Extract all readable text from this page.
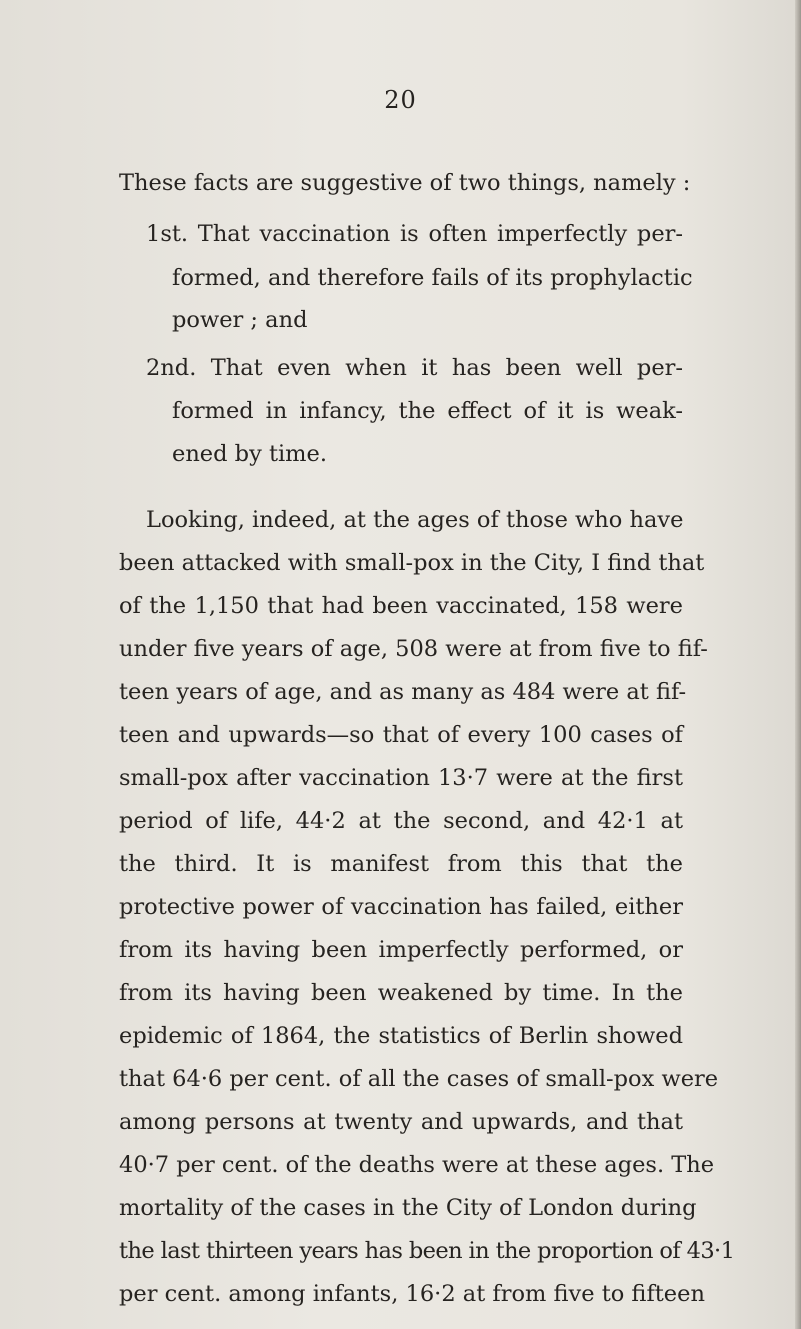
20
These facts are suggestive of two things, namely :
1st. That vaccination is often imperfectly per-
formed, and therefore fails of its prophylactic
power ; and
2nd. That even when it has been well per-
formed in infancy, the effect of it is weak-
ened by time.
Looking, indeed, at the ages of those who have
been attacked with small-pox in the City, I find that
of the 1,150 that had been vaccinated, 158 were
under five years of age, 508 were at from five to fif-
teen years of age, and as many as 484 were at fif-
teen and upwards—so that of every 100 cases of
small-pox after vaccination 13·7 were at the first
period of life, 44·2 at the second, and 42·1 at
the third. It is manifest from this that the
protective power of vaccination has failed, either
from its having been imperfectly performed, or
from its having been weakened by time. In the
epidemic of 1864, the statistics of Berlin showed
that 64·6 per cent. of all the cases of small-pox were
among persons at twenty and upwards, and that
40·7 per cent. of the deaths were at these ages. The
mortality of the cases in the City of London during
the last thirteen years has been in the proportion of 43·1
per cent. among infants, 16·2 at from five to fifteen
